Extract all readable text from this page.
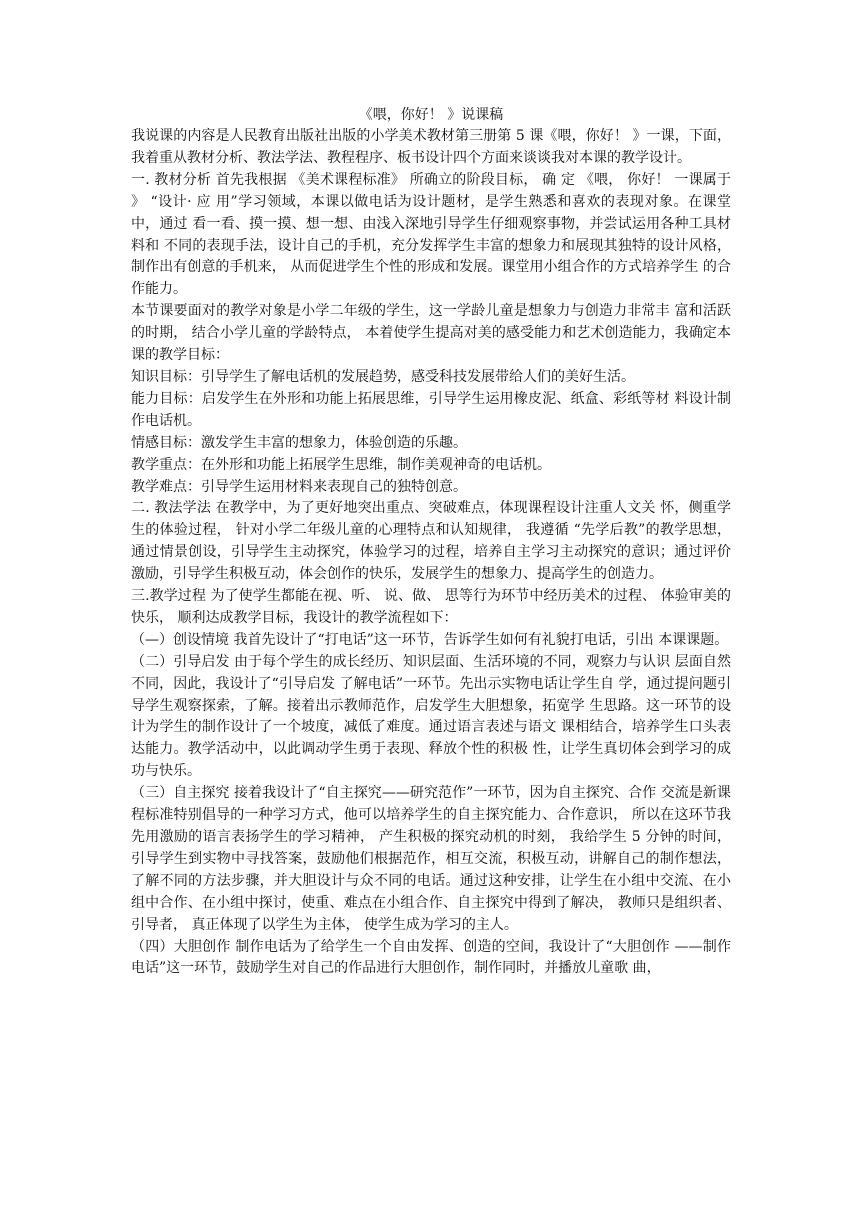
《喂，你好！ 》说课稿

我说课的内容是人民教育出版社出版的小学美术教材第三册第 5 课《喂，你好！ 》一课，下面，我着重从教材分析、教法学法、教程程序、板书设计四个方面来谈谈我对本课的教学设计。

一. 教材分析 首先我根据 《美术课程标准》 所确立的阶段目标， 确 定 《喂， 你好！ 一课属于 》 “设计· 应 用”学习领域，本课以做电话为设计题材，是学生熟悉和喜欢的表现对象。在课堂中，通过 看一看、摸一摸、想一想、由浅入深地引导学生仔细观察事物，并尝试运用各种工具材料和 不同的表现手法，设计自己的手机，充分发挥学生丰富的想象力和展现其独特的设计风格， 制作出有创意的手机来， 从而促进学生个性的形成和发展。课堂用小组合作的方式培养学生 的合作能力。

本节课要面对的教学对象是小学二年级的学生，这一学龄儿童是想象力与创造力非常丰 富和活跃的时期， 结合小学儿童的学龄特点， 本着使学生提高对美的感受能力和艺术创造能力，我确定本课的教学目标：

知识目标：引导学生了解电话机的发展趋势，感受科技发展带给人们的美好生活。

能力目标：启发学生在外形和功能上拓展思维，引导学生运用橡皮泥、纸盒、彩纸等材 料设计制作电话机。

情感目标：激发学生丰富的想象力，体验创造的乐趣。

教学重点：在外形和功能上拓展学生思维，制作美观神奇的电话机。

教学难点：引导学生运用材料来表现自己的独特创意。

二. 教法学法 在教学中，为了更好地突出重点、突破难点，体现课程设计注重人文关 怀，侧重学生的体验过程， 针对小学二年级儿童的心理特点和认知规律， 我遵循 “先学后教”的教学思想，通过情景创设，引导学生主动探究，体验学习的过程，培养自主学习主动探究的意识；通过评价激励，引导学生积极互动，体会创作的快乐，发展学生的想象力、提高学生的创造力。

三.教学过程 为了使学生都能在视、听、 说、做、 思等行为环节中经历美术的过程、 体验审美的快乐， 顺利达成教学目标，我设计的教学流程如下：

（—）创设情境 我首先设计了“打电话”这一环节，告诉学生如何有礼貌打电话，引出 本课课题。

（二）引导启发 由于每个学生的成长经历、知识层面、生活环境的不同，观察力与认识 层面自然不同，因此，我设计了“引导启发 了解电话”一环节。先出示实物电话让学生自 学，通过提问题引导学生观察探索，了解。接着出示教师范作，启发学生大胆想象，拓宽学 生思路。这一环节的设计为学生的制作设计了一个坡度，减低了难度。通过语言表述与语文 课相结合，培养学生口头表达能力。教学活动中，以此调动学生勇于表现、释放个性的积极 性，让学生真切体会到学习的成功与快乐。

（三）自主探究 接着我设计了“自主探究——研究范作”一环节，因为自主探究、合作 交流是新课程标准特别倡导的一种学习方式，他可以培养学生的自主探究能力、合作意识， 所以在这环节我先用激励的语言表扬学生的学习精神， 产生积极的探究动机的时刻， 我给学生 5 分钟的时间，引导学生到实物中寻找答案，鼓励他们根据范作，相互交流，积极互动，讲解自己的制作想法，了解不同的方法步骤，并大胆设计与众不同的电话。通过这种安排，让学生在小组中交流、在小组中合作、在小组中探讨，使重、难点在小组合作、自主探究中得到了解决， 教师只是组织者、 引导者， 真正体现了以学生为主体， 使学生成为学习的主人。

（四）大胆创作 制作电话为了给学生一个自由发挥、创造的空间，我设计了“大胆创作 ——制作电话”这一环节，鼓励学生对自己的作品进行大胆创作，制作同时，并播放儿童歌 曲，
